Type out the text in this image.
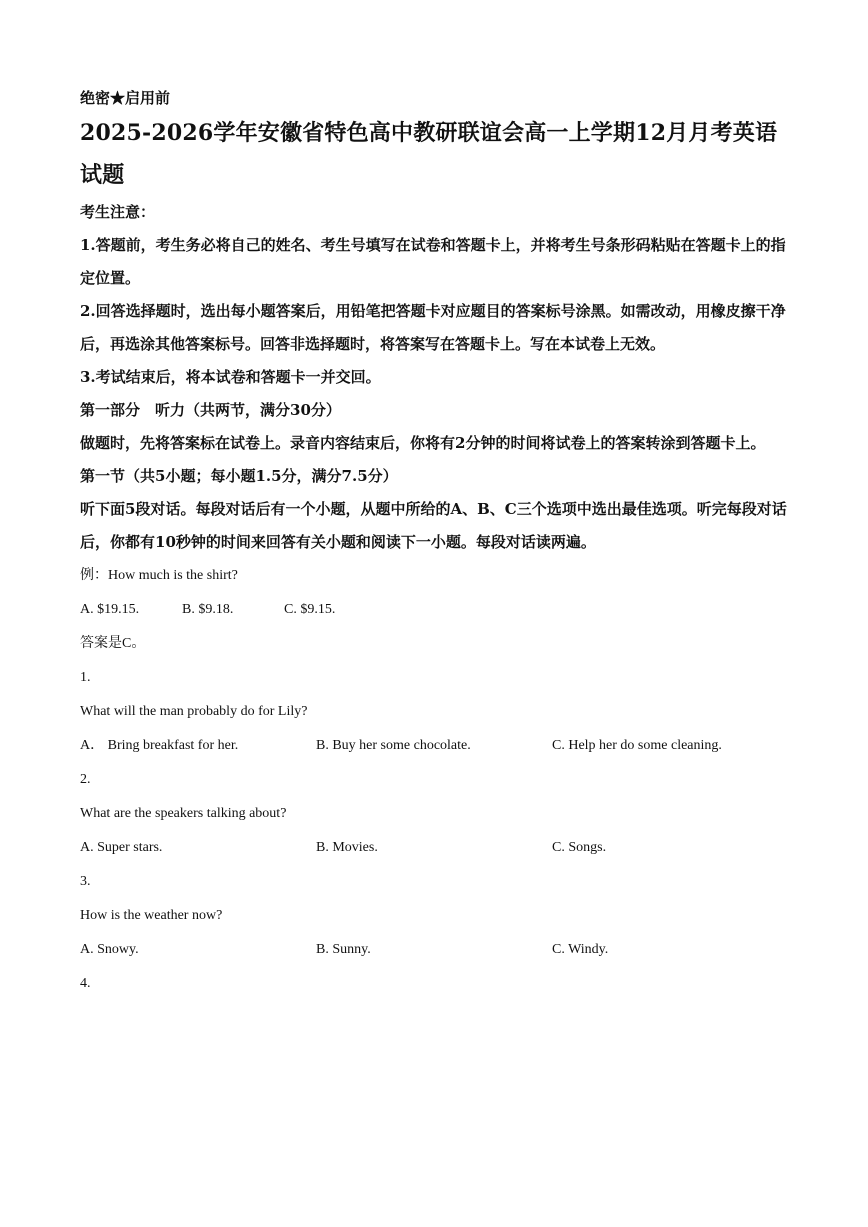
绝密★启用前

2025-2026学年安徽省特色高中教研联谊会高一上学期12月月考英语试题

考生注意：

1.答题前，考生务必将自己的姓名、考生号填写在试卷和答题卡上，并将考生号条形码粘贴在答题卡上的指定位置。

2.回答选择题时，选出每小题答案后，用铅笔把答题卡对应题目的答案标号涂黑。如需改动，用橡皮擦干净后，再选涂其他答案标号。回答非选择题时，将答案写在答题卡上。写在本试卷上无效。

3.考试结束后，将本试卷和答题卡一并交回。

第一部分　听力（共两节，满分30分）

做题时，先将答案标在试卷上。录音内容结束后，你将有2分钟的时间将试卷上的答案转涂到答题卡上。

第一节（共5小题；每小题1.5分，满分7.5分）

听下面5段对话。每段对话后有一个小题，从题中所给的A、B、C三个选项中选出最佳选项。听完每段对话后，你都有10秒钟的时间来回答有关小题和阅读下一小题。每段对话读两遍。

例：How much is the shirt?

A. $19.15.	B. $9.18.	C. $9.15.

答案是C。

1.

What will the man probably do for Lily?

A． Bring breakfast for her.	B. Buy her some chocolate.	C. Help her do some cleaning.

2.

What are the speakers talking about?

A. Super stars.	B. Movies.	C. Songs.

3.

How is the weather now?

A. Snowy.	B. Sunny.	C. Windy.

4.
